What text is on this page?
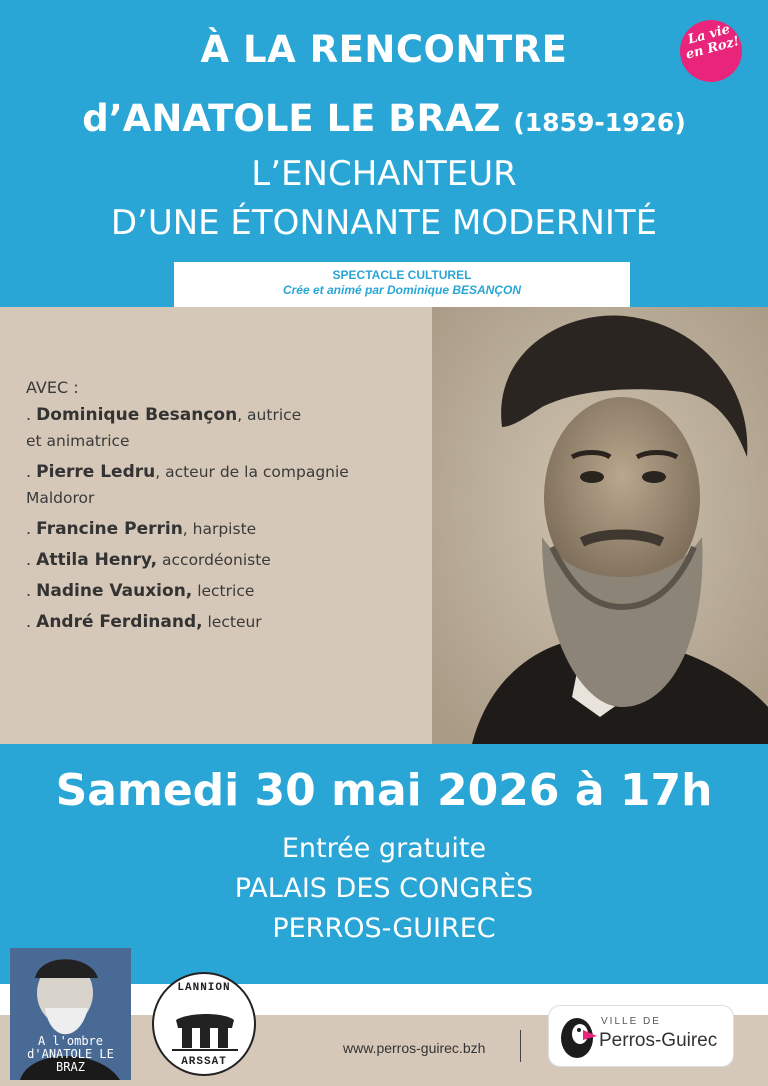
À LA RENCONTRE
d’ANATOLE LE BRAZ (1859-1926)
L’ENCHANTEUR
D’UNE ÉTONNANTE MODERNITÉ
La vie en Roz!
SPECTACLE CULTUREL
Crée et animé par Dominique BESANÇON
AVEC :
. Dominique Besançon, autrice
et animatrice
. Pierre Ledru, acteur de la compagnie
Maldoror
. Francine Perrin, harpiste
. Attila Henry, accordéoniste
. Nadine Vauxion, lectrice
. André Ferdinand, lecteur
Samedi 30 mai 2026 à 17h
Entrée gratuite
PALAIS DES CONGRÈS
PERROS-GUIREC
A l'ombre d'ANATOLE LE BRAZ
LANNION
ARSSAT
www.perros-guirec.bzh
VILLE DE
Perros-Guirec
